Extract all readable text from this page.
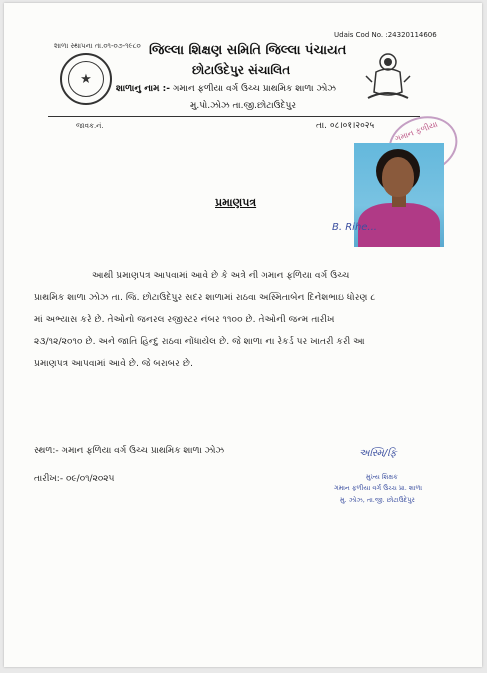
શાળા સ્થાપના તા.૦૧-૦૭-૧૯૮૦
Udais Cod No. :24320114606
★
જિલ્લા શિક્ષણ સમિતિ જિલ્લા પંચાયત
છોટાઉદેપુર સંચાલિત
શાળાનુ નામ :- ગમાન ફળીયા વર્ગ ઉચ્ચ પ્રાથમિક શાળા ઝોઝ
મુ.પો.ઝોઝ તા.જી.છોટાઉદેપુર
જાવક.નં.	તા. ०८।०१।२०२५ ગમાન ફળીયા
B. Rihe...
પ્રમાણપત્ર
આથી પ્રમાણપત્ર આપવામાં આવે છે કે અત્રે ની ગમાન ફળિયા વર્ગ ઉચ્ચ
પ્રાથમિક શાળા ઝોઝ તા. જિ. છોટાઉદેપુર સદર શાળામાં રાઠવા અસ્મિતાબેન દિનેશભાઇ ધોરણ ૮
માં અભ્યાસ કરે છે. તેઓનો જનરલ રજીસ્ટર નંબર ૧૧૦૦ છે. તેઓની જન્મ તારીખ
૨૩/૧૨/૨૦૧૦ છે. અને જાતિ હિન્દુ રાઠવા નોંધાયેલ છે. જે શાળા ના રેકર્ડ પર ખાતરી કરી આ
પ્રમાણપત્ર આપવામાં આવે છે. જે બરાબર છે.
સ્થળ:- ગમાન ફળિયા વર્ગ ઉચ્ચ પ્રાથમિક શાળા ઝોઝ
તારીખ:- ૦૯/૦૧/૨૦૨૫
અસ્મિ/ફિ
મુખ્ય શિક્ષક
ગમાન ફળીયા વર્ગ ઉચ્ચ પ્રા. શાળા
મુ. ઝોઝ, તા.જી. છોટાઉદેપુર
